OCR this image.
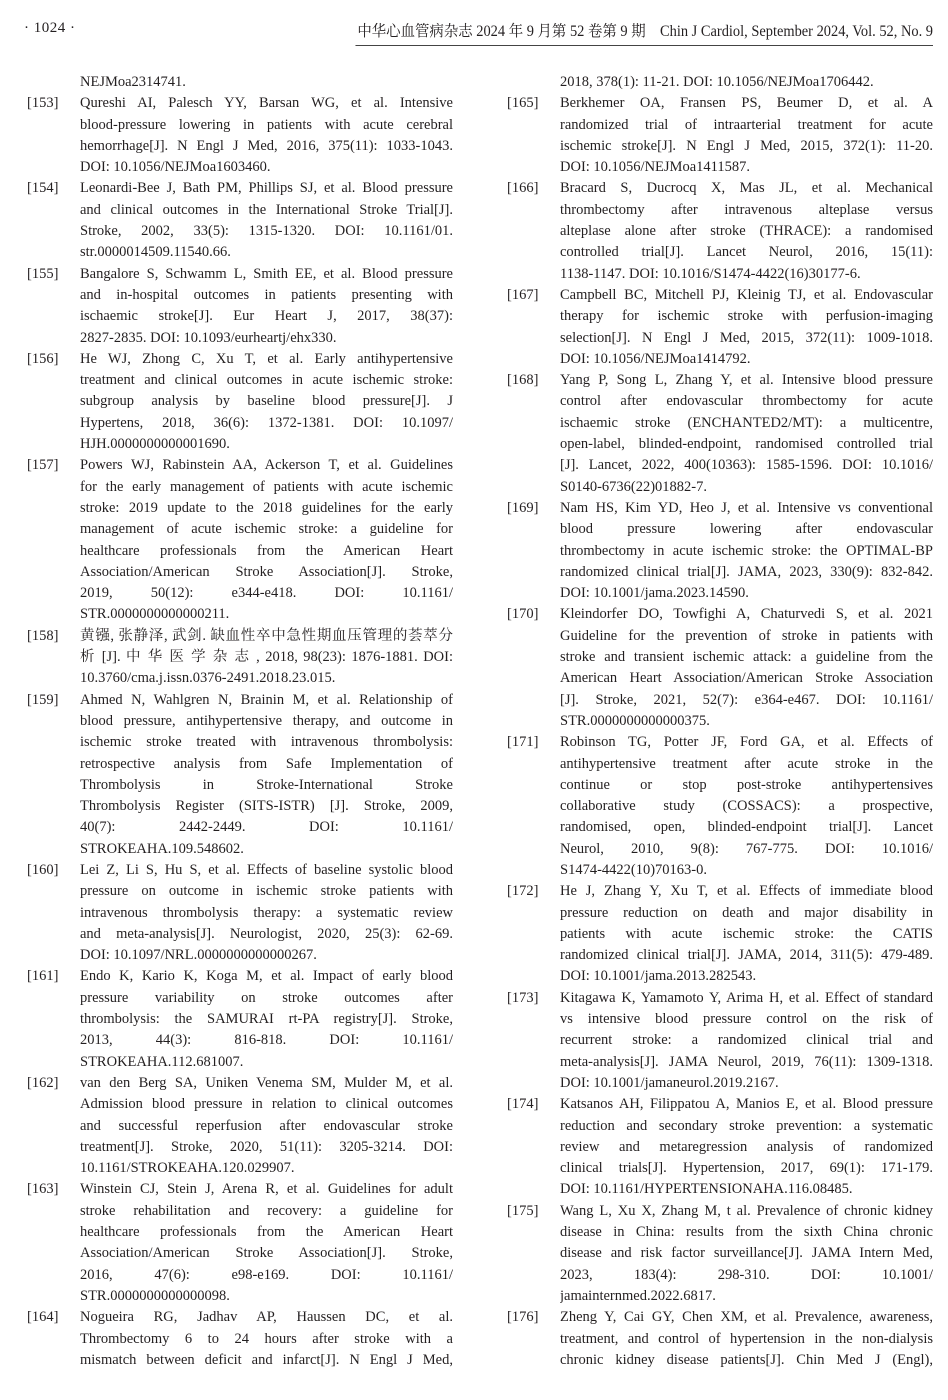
· 1024 ·	中华心血管病杂志 2024 年 9 月第 52 卷第 9 期　Chin J Cardiol, September 2024, Vol. 52, No. 9
NEJMoa2314741.
[153]	Qureshi AI, Palesch YY, Barsan WG, et al. Intensive
blood-pressure lowering in patients with acute cerebral
hemorrhage[J]. N Engl J Med, 2016, 375(11): 1033-1043.
DOI: 10.1056/NEJMoa1603460.
[154]	Leonardi-Bee J, Bath PM, Phillips SJ, et al. Blood pressure
and clinical outcomes in the International Stroke Trial[J].
Stroke, 2002, 33(5): 1315-1320. DOI: 10.1161/01.
str.0000014509.11540.66.
[155]	Bangalore S, Schwamm L, Smith EE, et al. Blood pressure
and in-hospital outcomes in patients presenting with
ischaemic stroke[J]. Eur Heart J, 2017, 38(37):
2827-2835. DOI: 10.1093/eurheartj/ehx330.
[156]	He WJ, Zhong C, Xu T, et al. Early antihypertensive
treatment and clinical outcomes in acute ischemic stroke:
subgroup analysis by baseline blood pressure[J]. J
Hypertens, 2018, 36(6): 1372-1381. DOI: 10.1097/
HJH.0000000000001690.
[157]	Powers WJ, Rabinstein AA, Ackerson T, et al. Guidelines
for the early management of patients with acute ischemic
stroke: 2019 update to the 2018 guidelines for the early
management of acute ischemic stroke: a guideline for
healthcare professionals from the American Heart
Association/American Stroke Association[J]. Stroke,
2019, 50(12): e344-e418. DOI: 10.1161/
STR.0000000000000211.
[158]	黄镪, 张静泽, 武剑. 缺血性卒中急性期血压管理的荟萃分
析 [J]. 中 华 医 学 杂 志 , 2018, 98(23): 1876-1881. DOI:
10.3760/cma.j.issn.0376-2491.2018.23.015.
[159]	Ahmed N, Wahlgren N, Brainin M, et al. Relationship of
blood pressure, antihypertensive therapy, and outcome in
ischemic stroke treated with intravenous thrombolysis:
retrospective analysis from Safe Implementation of
Thrombolysis in Stroke-International Stroke
Thrombolysis Register (SITS-ISTR) [J]. Stroke, 2009,
40(7): 2442-2449. DOI: 10.1161/
STROKEAHA.109.548602.
[160]	Lei Z, Li S, Hu S, et al. Effects of baseline systolic blood
pressure on outcome in ischemic stroke patients with
intravenous thrombolysis therapy: a systematic review
and meta-analysis[J]. Neurologist, 2020, 25(3): 62-69.
DOI: 10.1097/NRL.0000000000000267.
[161]	Endo K, Kario K, Koga M, et al. Impact of early blood
pressure variability on stroke outcomes after
thrombolysis: the SAMURAI rt-PA registry[J]. Stroke,
2013, 44(3): 816-818. DOI: 10.1161/
STROKEAHA.112.681007.
[162]	van den Berg SA, Uniken Venema SM, Mulder M, et al.
Admission blood pressure in relation to clinical outcomes
and successful reperfusion after endovascular stroke
treatment[J]. Stroke, 2020, 51(11): 3205-3214. DOI:
10.1161/STROKEAHA.120.029907.
[163]	Winstein CJ, Stein J, Arena R, et al. Guidelines for adult
stroke rehabilitation and recovery: a guideline for
healthcare professionals from the American Heart
Association/American Stroke Association[J]. Stroke,
2016, 47(6): e98-e169. DOI: 10.1161/
STR.0000000000000098.
[164]	Nogueira RG, Jadhav AP, Haussen DC, et al.
Thrombectomy 6 to 24 hours after stroke with a
mismatch between deficit and infarct[J]. N Engl J Med,
2018, 378(1): 11-21. DOI: 10.1056/NEJMoa1706442.
[165]	Berkhemer OA, Fransen PS, Beumer D, et al. A
randomized trial of intraarterial treatment for acute
ischemic stroke[J]. N Engl J Med, 2015, 372(1): 11-20.
DOI: 10.1056/NEJMoa1411587.
[166]	Bracard S, Ducrocq X, Mas JL, et al. Mechanical
thrombectomy after intravenous alteplase versus
alteplase alone after stroke (THRACE): a randomised
controlled trial[J]. Lancet Neurol, 2016, 15(11):
1138-1147. DOI: 10.1016/S1474-4422(16)30177-6.
[167]	Campbell BC, Mitchell PJ, Kleinig TJ, et al. Endovascular
therapy for ischemic stroke with perfusion-imaging
selection[J]. N Engl J Med, 2015, 372(11): 1009-1018.
DOI: 10.1056/NEJMoa1414792.
[168]	Yang P, Song L, Zhang Y, et al. Intensive blood pressure
control after endovascular thrombectomy for acute
ischaemic stroke (ENCHANTED2/MT): a multicentre,
open-label, blinded-endpoint, randomised controlled trial
[J]. Lancet, 2022, 400(10363): 1585-1596. DOI: 10.1016/
S0140-6736(22)01882-7.
[169]	Nam HS, Kim YD, Heo J, et al. Intensive vs conventional
blood pressure lowering after endovascular
thrombectomy in acute ischemic stroke: the OPTIMAL-BP
randomized clinical trial[J]. JAMA, 2023, 330(9): 832-842.
DOI: 10.1001/jama.2023.14590.
[170]	Kleindorfer DO, Towfighi A, Chaturvedi S, et al. 2021
Guideline for the prevention of stroke in patients with
stroke and transient ischemic attack: a guideline from the
American Heart Association/American Stroke Association
[J]. Stroke, 2021, 52(7): e364-e467. DOI: 10.1161/
STR.0000000000000375.
[171]	Robinson TG, Potter JF, Ford GA, et al. Effects of
antihypertensive treatment after acute stroke in the
continue or stop post-stroke antihypertensives
collaborative study (COSSACS): a prospective,
randomised, open, blinded-endpoint trial[J]. Lancet
Neurol, 2010, 9(8): 767-775. DOI: 10.1016/
S1474-4422(10)70163-0.
[172]	He J, Zhang Y, Xu T, et al. Effects of immediate blood
pressure reduction on death and major disability in
patients with acute ischemic stroke: the CATIS
randomized clinical trial[J]. JAMA, 2014, 311(5): 479-489.
DOI: 10.1001/jama.2013.282543.
[173]	Kitagawa K, Yamamoto Y, Arima H, et al. Effect of standard
vs intensive blood pressure control on the risk of
recurrent stroke: a randomized clinical trial and
meta-analysis[J]. JAMA Neurol, 2019, 76(11): 1309-1318.
DOI: 10.1001/jamaneurol.2019.2167.
[174]	Katsanos AH, Filippatou A, Manios E, et al. Blood pressure
reduction and secondary stroke prevention: a systematic
review and metaregression analysis of randomized
clinical trials[J]. Hypertension, 2017, 69(1): 171-179.
DOI: 10.1161/HYPERTENSIONAHA.116.08485.
[175]	Wang L, Xu X, Zhang M, t al. Prevalence of chronic kidney
disease in China: results from the sixth China chronic
disease and risk factor surveillance[J]. JAMA Intern Med,
2023, 183(4): 298-310. DOI: 10.1001/
jamainternmed.2022.6817.
[176]	Zheng Y, Cai GY, Chen XM, et al. Prevalence, awareness,
treatment, and control of hypertension in the non-dialysis
chronic kidney disease patients[J]. Chin Med J (Engl),
